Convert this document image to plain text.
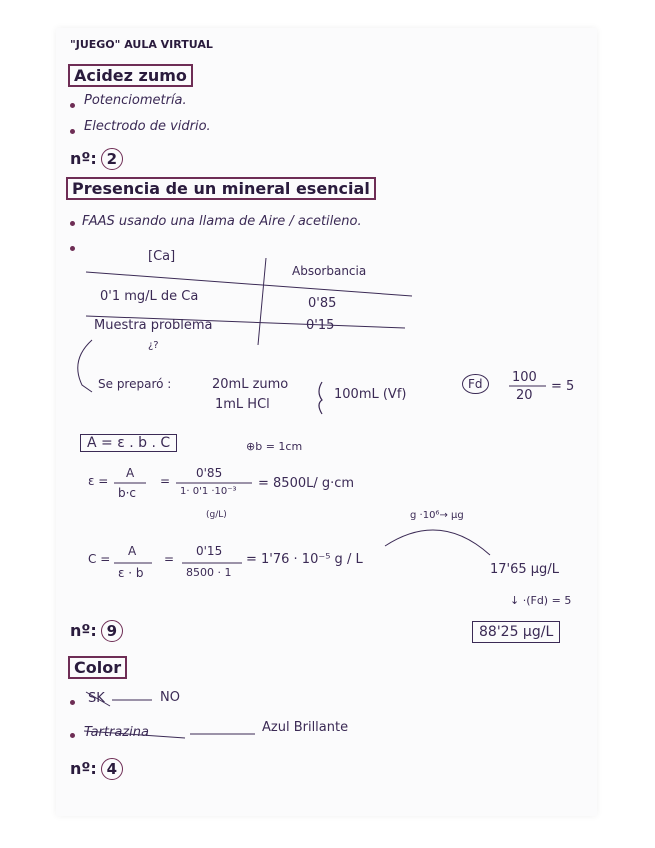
"JUEGO" AULA VIRTUAL
Acidez zumo
Potenciometría.
Electrodo de vidrio.
nº: 2
Presencia de un mineral esencial
FAAS usando una llama de Aire / acetileno.
[Ca]
Absorbancia
0'1 mg/L de Ca	0'85
Muestra problema	0'15
¿?
Se preparó :	20mL zumo
1mL HCl
100mL (Vf)
Fd	100
20
= 5
A = ε . b . C	⊕b = 1cm
ε =
A
b·c
=
0'85
1· 0'1 ·10⁻³
(g/L)
= 8500L/ g·cm
g ·10⁶→ µg
C =
A
ε · b
=
0'15
8500 · 1
= 1'76 · 10⁻⁵ g / L
17'65 µg/L
↓ ·(Fd) = 5
88'25 µg/L
nº: 9
Color
SK	NO
Tartrazina	Azul Brillante
nº: 4
